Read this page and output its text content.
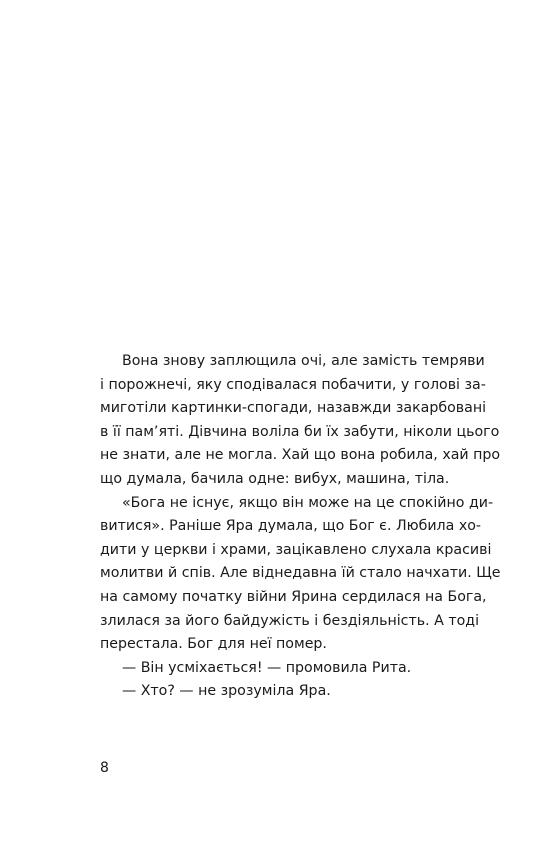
Вона знову заплющила очі, але замість темряви
і порожнечі, яку сподівалася побачити, у голові за-
миготіли картинки-спогади, назавжди закарбовані
в її пам’яті. Дівчина воліла би їх забути, ніколи цього
не знати, але не могла. Хай що вона робила, хай про
що думала, бачила одне: вибух, машина, тіла.
«Бога не існує, якщо він може на це спокійно ди-
витися». Раніше Яра думала, що Бог є. Любила хо-
дити у церкви і храми, зацікавлено слухала красиві
молитви й спів. Але віднедавна їй стало начхати. Ще
на самому початку війни Ярина сердилася на Бога,
злилася за його байдужість і бездіяльність. А тоді
перестала. Бог для неї помер.
— Він усміхається! — промовила Рита.
— Хто? — не зрозуміла Яра.
8
